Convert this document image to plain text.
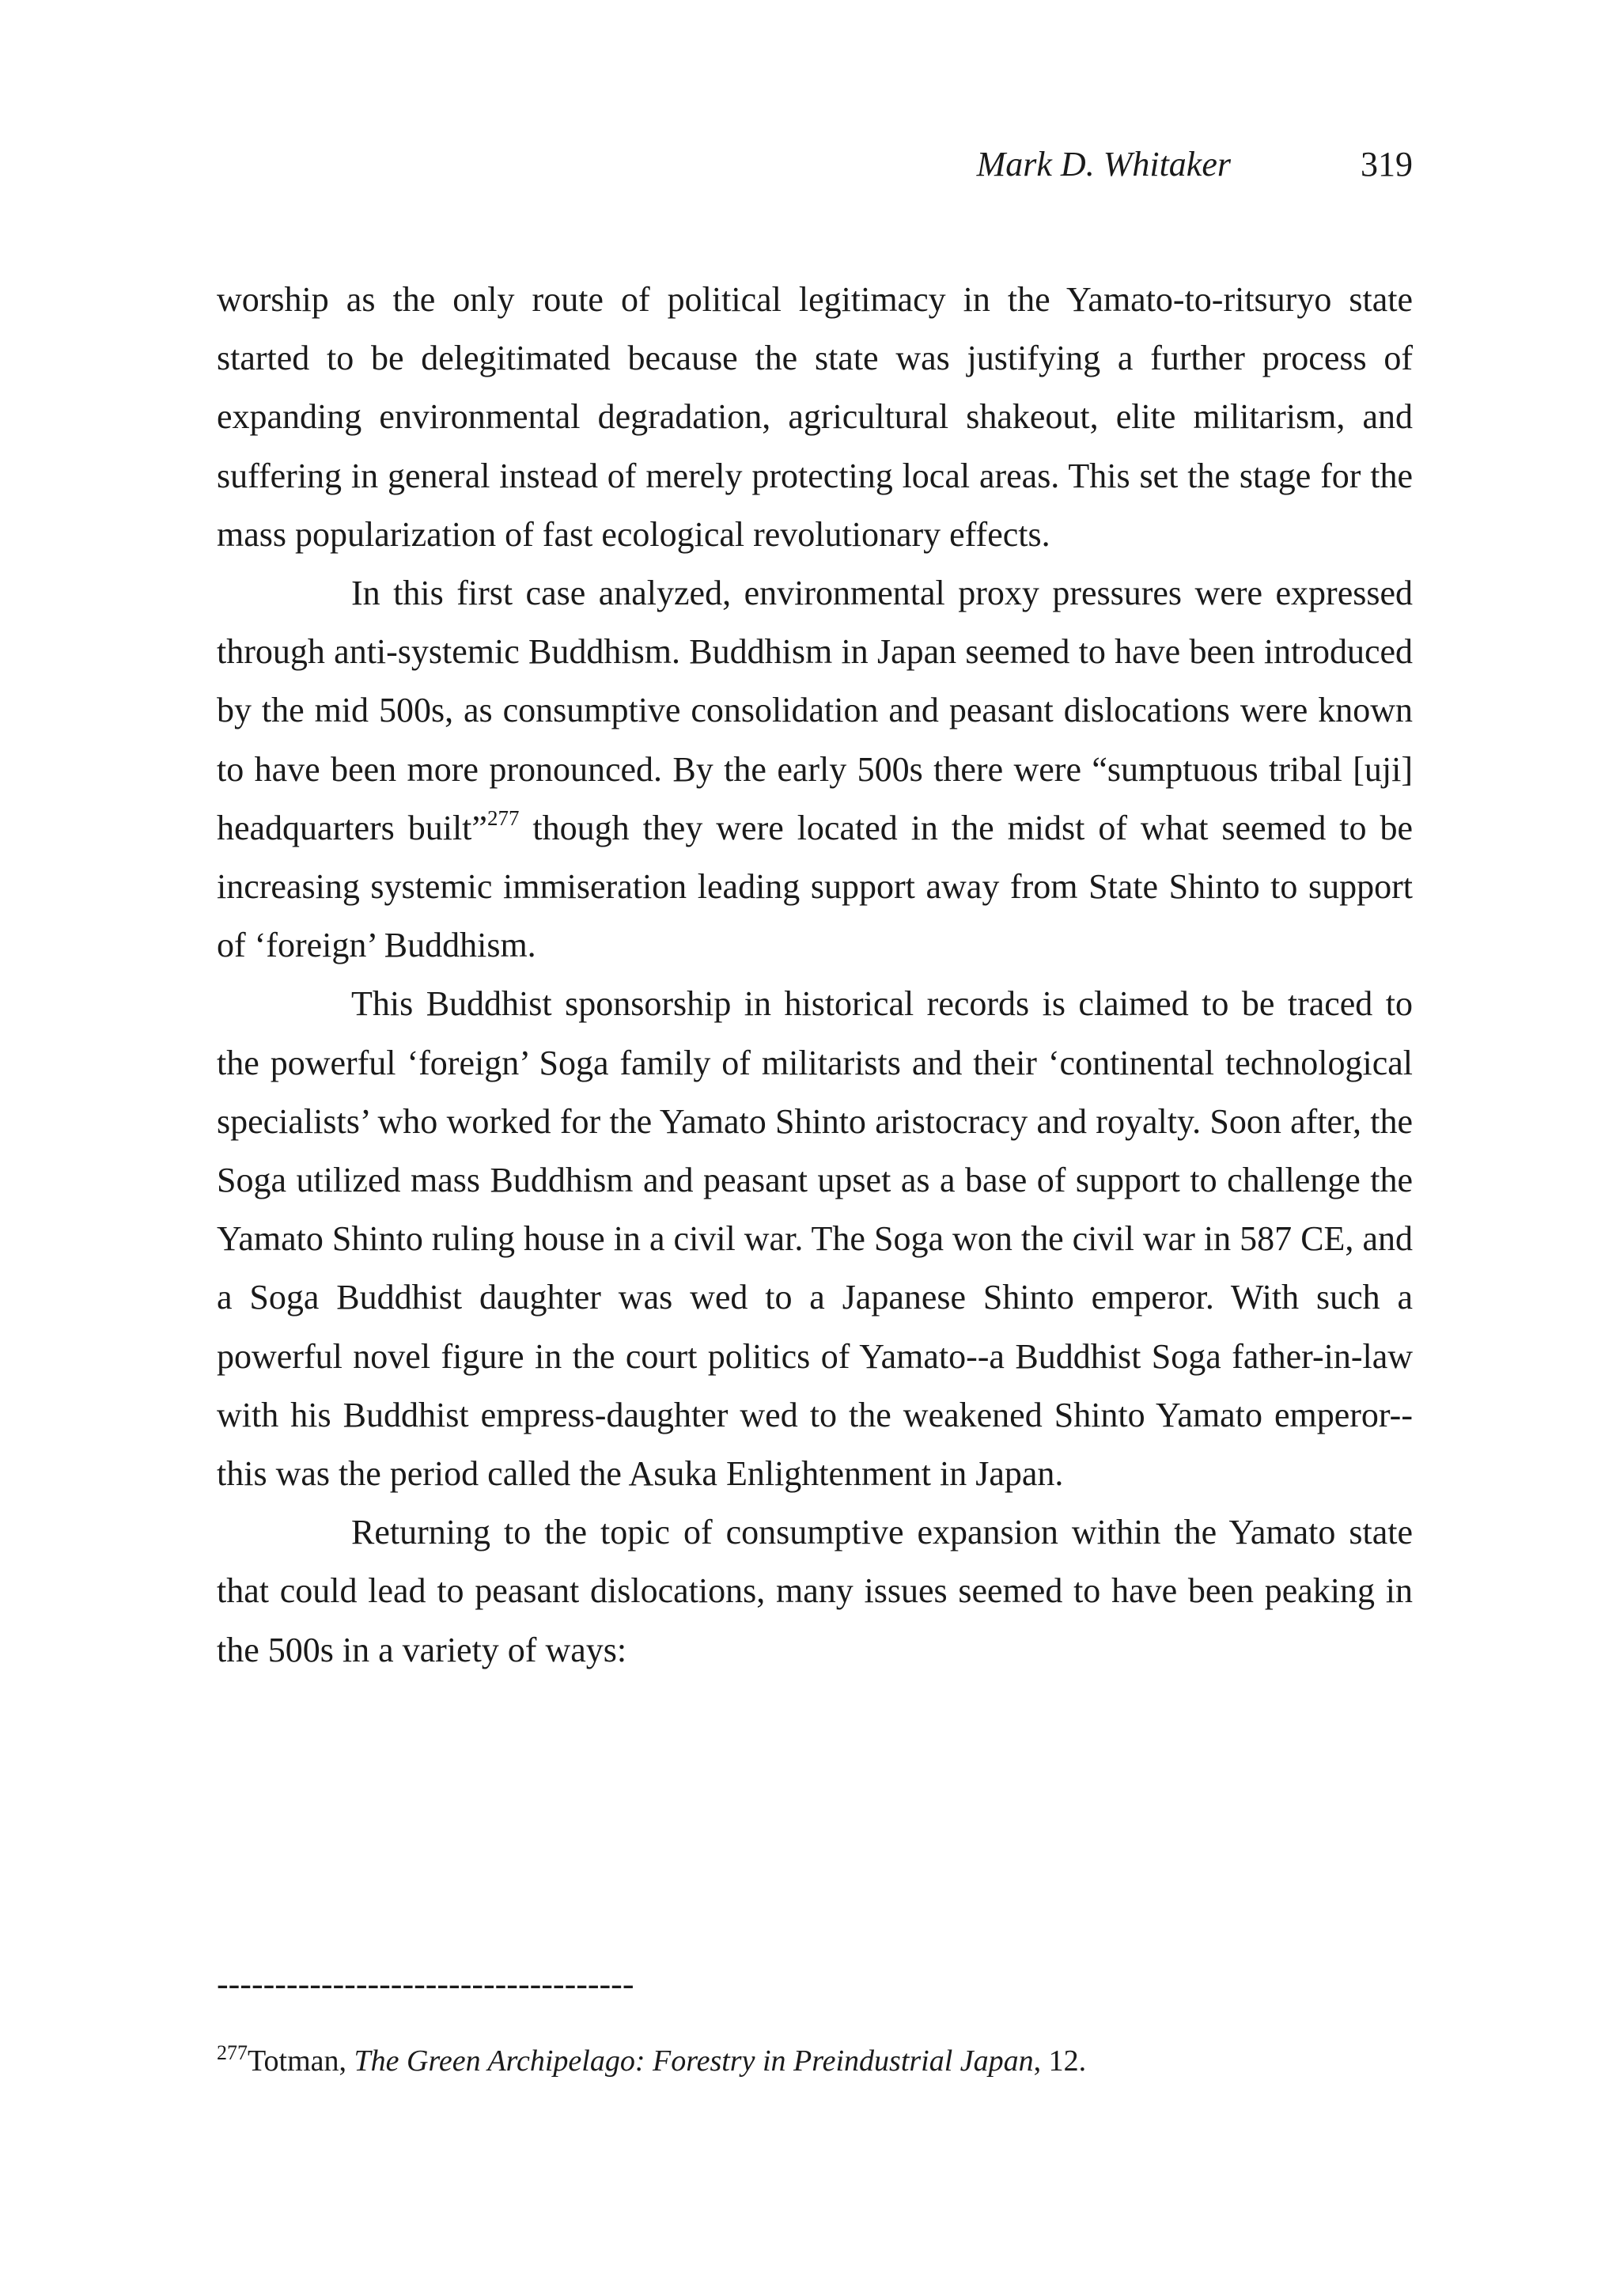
Mark D. Whitaker	319

worship as the only route of political legitimacy in the Yamato-to-ritsuryo state started to be delegitimated because the state was justifying a further process of expanding environmental degradation, agricultural shakeout, elite militarism, and suffering in general instead of merely protecting local areas. This set the stage for the mass popularization of fast ecological revolutionary effects.

In this first case analyzed, environmental proxy pressures were expressed through anti-systemic Buddhism. Buddhism in Japan seemed to have been introduced by the mid 500s, as consumptive consolidation and peasant dislocations were known to have been more pronounced. By the early 500s there were “sumptuous tribal [uji] headquarters built”$^{277}$ though they were located in the midst of what seemed to be increasing systemic immiseration leading support away from State Shinto to support of ‘foreign’ Buddhism.

This Buddhist sponsorship in historical records is claimed to be traced to the powerful ‘foreign’ Soga family of militarists and their ‘continental technological specialists’ who worked for the Yamato Shinto aristocracy and royalty. Soon after, the Soga utilized mass Buddhism and peasant upset as a base of support to challenge the Yamato Shinto ruling house in a civil war. The Soga won the civil war in 587 CE, and a Soga Buddhist daughter was wed to a Japanese Shinto emperor. With such a powerful novel figure in the court politics of Yamato--a Buddhist Soga father-in-law with his Buddhist empress-daughter wed to the weakened Shinto Yamato emperor--this was the period called the Asuka Enlightenment in Japan.

Returning to the topic of consumptive expansion within the Yamato state that could lead to peasant dislocations, many issues seemed to have been peaking in the 500s in a variety of ways:

------------------------------------
$^{277}$Totman, The Green Archipelago: Forestry in Preindustrial Japan, 12.
